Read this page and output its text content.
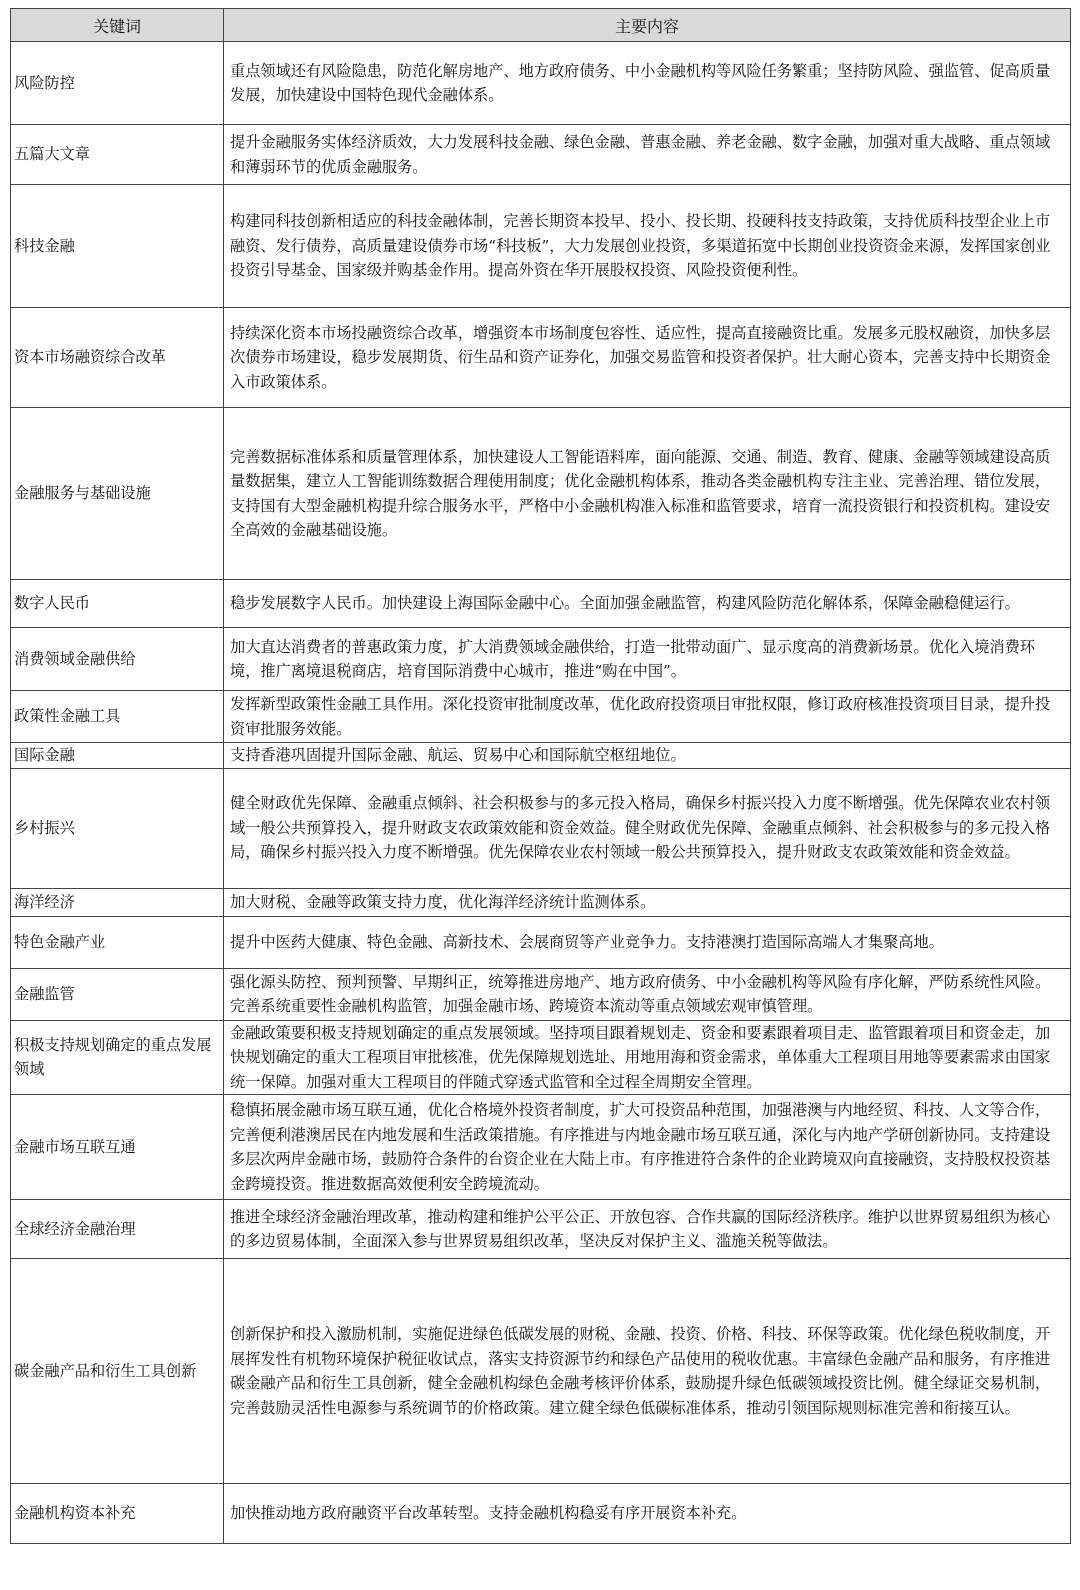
关键词	主要内容
风险防控	重点领域还有风险隐患，防范化解房地产、地方政府债务、中小金融机构等风险任务繁重；坚持防风险、强监管、促高质量发展，加快建设中国特色现代金融体系。
五篇大文章	提升金融服务实体经济质效，大力发展科技金融、绿色金融、普惠金融、养老金融、数字金融，加强对重大战略、重点领域和薄弱环节的优质金融服务。
科技金融	构建同科技创新相适应的科技金融体制，完善长期资本投早、投小、投长期、投硬科技支持政策，支持优质科技型企业上市融资、发行债券，高质量建设债券市场“科技板”，大力发展创业投资，多渠道拓宽中长期创业投资资金来源，发挥国家创业投资引导基金、国家级并购基金作用。提高外资在华开展股权投资、风险投资便利性。
资本市场融资综合改革	持续深化资本市场投融资综合改革，增强资本市场制度包容性、适应性，提高直接融资比重。发展多元股权融资，加快多层次债券市场建设，稳步发展期货、衍生品和资产证券化，加强交易监管和投资者保护。壮大耐心资本，完善支持中长期资金入市政策体系。
金融服务与基础设施	完善数据标准体系和质量管理体系，加快建设人工智能语料库，面向能源、交通、制造、教育、健康、金融等领域建设高质量数据集，建立人工智能训练数据合理使用制度；优化金融机构体系，推动各类金融机构专注主业、完善治理、错位发展，支持国有大型金融机构提升综合服务水平，严格中小金融机构准入标准和监管要求，培育一流投资银行和投资机构。建设安全高效的金融基础设施。
数字人民币	稳步发展数字人民币。加快建设上海国际金融中心。全面加强金融监管，构建风险防范化解体系，保障金融稳健运行。
消费领域金融供给	加大直达消费者的普惠政策力度，扩大消费领域金融供给，打造一批带动面广、显示度高的消费新场景。优化入境消费环境，推广离境退税商店，培育国际消费中心城市，推进“购在中国”。
政策性金融工具	发挥新型政策性金融工具作用。深化投资审批制度改革，优化政府投资项目审批权限，修订政府核准投资项目目录，提升投资审批服务效能。
国际金融	支持香港巩固提升国际金融、航运、贸易中心和国际航空枢纽地位。
乡村振兴	健全财政优先保障、金融重点倾斜、社会积极参与的多元投入格局，确保乡村振兴投入力度不断增强。优先保障农业农村领域一般公共预算投入，提升财政支农政策效能和资金效益。健全财政优先保障、金融重点倾斜、社会积极参与的多元投入格局，确保乡村振兴投入力度不断增强。优先保障农业农村领域一般公共预算投入，提升财政支农政策效能和资金效益。
海洋经济	加大财税、金融等政策支持力度，优化海洋经济统计监测体系。
特色金融产业	提升中医药大健康、特色金融、高新技术、会展商贸等产业竞争力。支持港澳打造国际高端人才集聚高地。
金融监管	强化源头防控、预判预警、早期纠正，统筹推进房地产、地方政府债务、中小金融机构等风险有序化解，严防系统性风险。完善系统重要性金融机构监管，加强金融市场、跨境资本流动等重点领域宏观审慎管理。
积极支持规划确定的重点发展领域	金融政策要积极支持规划确定的重点发展领域。坚持项目跟着规划走、资金和要素跟着项目走、监管跟着项目和资金走，加快规划确定的重大工程项目审批核准，优先保障规划选址、用地用海和资金需求，单体重大工程项目用地等要素需求由国家统一保障。加强对重大工程项目的伴随式穿透式监管和全过程全周期安全管理。
金融市场互联互通	稳慎拓展金融市场互联互通，优化合格境外投资者制度，扩大可投资品种范围，加强港澳与内地经贸、科技、人文等合作，完善便利港澳居民在内地发展和生活政策措施。有序推进与内地金融市场互联互通，深化与内地产学研创新协同。支持建设多层次两岸金融市场，鼓励符合条件的台资企业在大陆上市。有序推进符合条件的企业跨境双向直接融资，支持股权投资基金跨境投资。推进数据高效便利安全跨境流动。
全球经济金融治理	推进全球经济金融治理改革，推动构建和维护公平公正、开放包容、合作共赢的国际经济秩序。维护以世界贸易组织为核心的多边贸易体制，全面深入参与世界贸易组织改革，坚决反对保护主义、滥施关税等做法。
碳金融产品和衍生工具创新	创新保护和投入激励机制，实施促进绿色低碳发展的财税、金融、投资、价格、科技、环保等政策。优化绿色税收制度，开展挥发性有机物环境保护税征收试点，落实支持资源节约和绿色产品使用的税收优惠。丰富绿色金融产品和服务，有序推进碳金融产品和衍生工具创新，健全金融机构绿色金融考核评价体系，鼓励提升绿色低碳领域投资比例。健全绿证交易机制，完善鼓励灵活性电源参与系统调节的价格政策。建立健全绿色低碳标准体系，推动引领国际规则标准完善和衔接互认。
金融机构资本补充	加快推动地方政府融资平台改革转型。支持金融机构稳妥有序开展资本补充。
